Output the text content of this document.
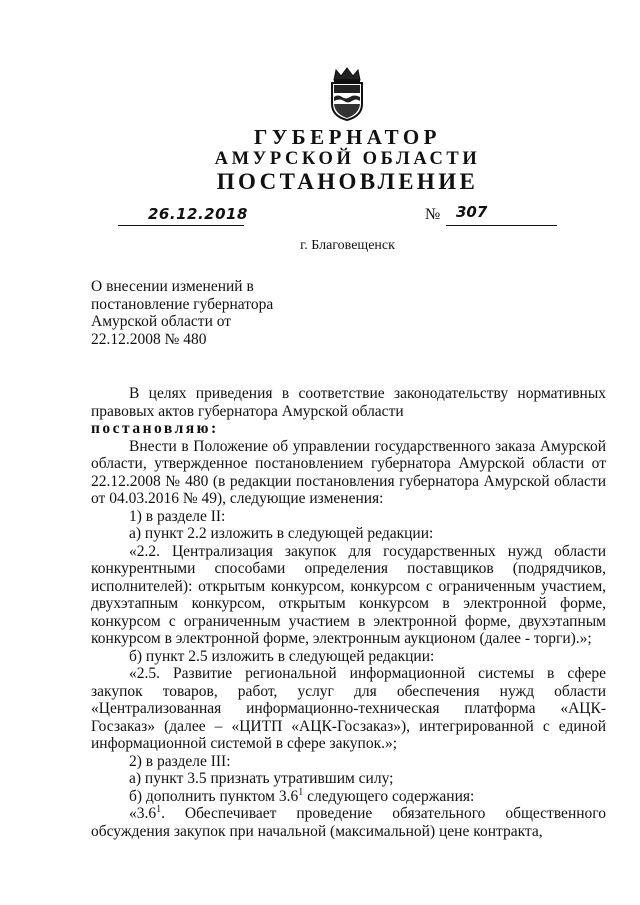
ГУБЕРНАТОР
АМУРСКОЙ ОБЛАСТИ
ПОСТАНОВЛЕНИЕ
26.12.2018	№ 307
г. Благовещенск
О внесении изменений в
постановление губернатора
Амурской области от
22.12.2008 № 480

В целях приведения в соответствие законодательству нормативных правовых актов губернатора Амурской области

постановляю:

Внести в Положение об управлении государственного заказа Амурской области, утвержденное постановлением губернатора Амурской области от 22.12.2008 № 480 (в редакции постановления губернатора Амурской области от 04.03.2016 № 49), следующие изменения:

1) в разделе II:

а) пункт 2.2 изложить в следующей редакции:

«2.2. Централизация закупок для государственных нужд области конкурентными способами определения поставщиков (подрядчиков, исполнителей): открытым конкурсом, конкурсом с ограниченным участием, двухэтапным конкурсом, открытым конкурсом в электронной форме, конкурсом с ограниченным участием в электронной форме, двухэтапным конкурсом в электронной форме, электронным аукционом (далее - торги).»;

б) пункт 2.5 изложить в следующей редакции:

«2.5. Развитие региональной информационной системы в сфере закупок товаров, работ, услуг для обеспечения нужд области «Централизованная информационно-техническая платформа «АЦК-Госзаказ» (далее – «ЦИТП «АЦК-Госзаказ»), интегрированной с единой информационной системой в сфере закупок.»;

2) в разделе III:

а) пункт 3.5 признать утратившим силу;

б) дополнить пунктом $3.6^1$ следующего содержания:

«$3.6^1$. Обеспечивает проведение обязательного общественного обсуждения закупок при начальной (максимальной) цене контракта,
